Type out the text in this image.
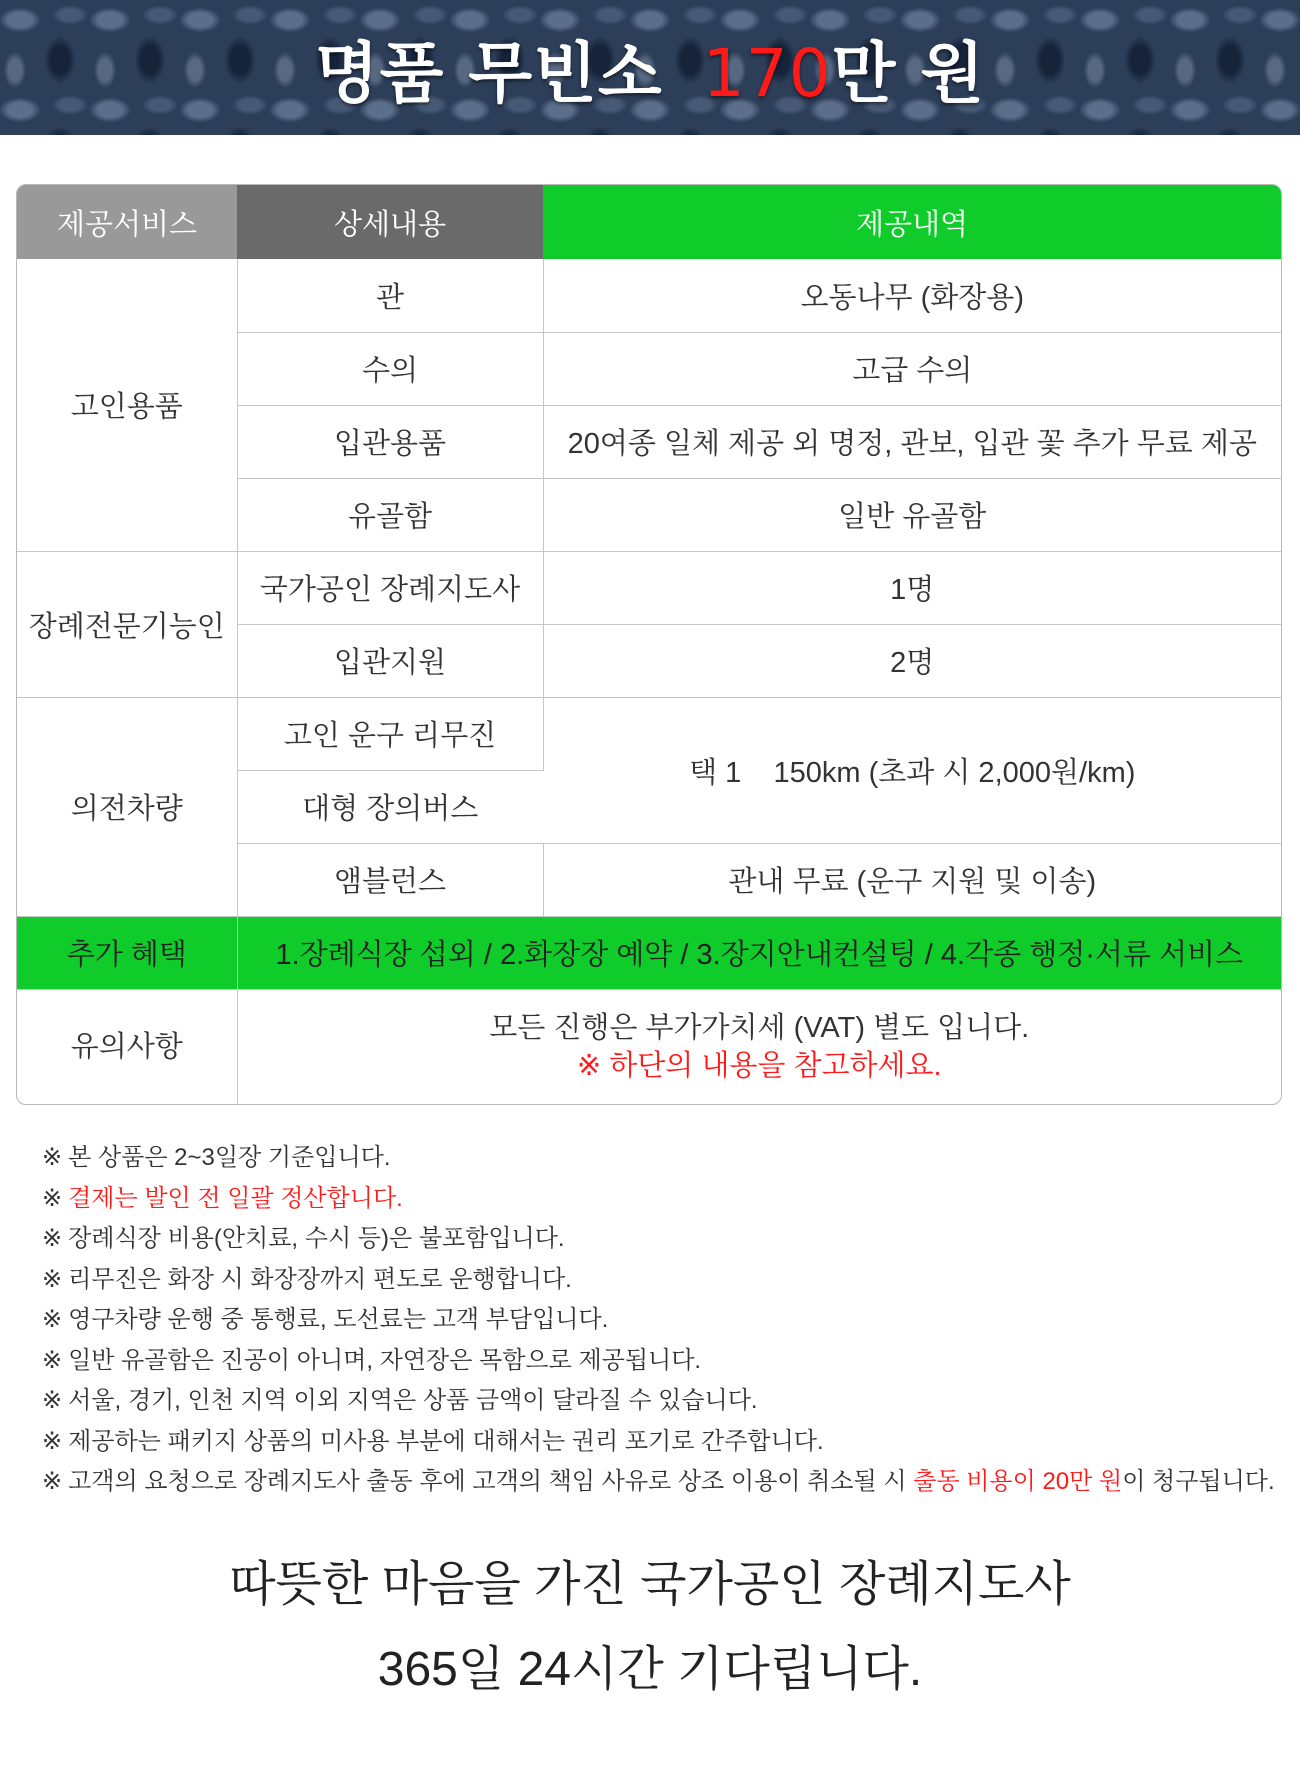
명품 무빈소 170만 원
제공서비스	상세내용	제공내역
고인용품	관	오동나무 (화장용)
	수의	고급 수의
	입관용품	20여종 일체 제공 외 명정, 관보, 입관 꽃 추가 무료 제공
	유골함	일반 유골함
장례전문기능인	국가공인 장례지도사	1명
	입관지원	2명
의전차량	고인 운구 리무진	택 1    150km (초과 시 2,000원/km)
	대형 장의버스	
	앰블런스	관내 무료 (운구 지원 및 이송)
추가 혜택	1.장례식장 섭외 / 2.화장장 예약 / 3.장지안내컨설팅 / 4.각종 행정·서류 서비스	
유의사항	모든 진행은 부가가치세 (VAT) 별도 입니다.
※ 하단의 내용을 참고하세요.	
※ 본 상품은 2~3일장 기준입니다.
※ 결제는 발인 전 일괄 정산합니다.
※ 장례식장 비용(안치료, 수시 등)은 불포함입니다.
※ 리무진은 화장 시 화장장까지 편도로 운행합니다.
※ 영구차량 운행 중 통행료, 도선료는 고객 부담입니다.
※ 일반 유골함은 진공이 아니며, 자연장은 목함으로 제공됩니다.
※ 서울, 경기, 인천 지역 이외 지역은 상품 금액이 달라질 수 있습니다.
※ 제공하는 패키지 상품의 미사용 부분에 대해서는 권리 포기로 간주합니다.
※ 고객의 요청으로 장례지도사 출동 후에 고객의 책임 사유로 상조 이용이 취소될 시 출동 비용이 20만 원이 청구됩니다.
따뜻한 마음을 가진 국가공인 장례지도사
365일 24시간 기다립니다.
